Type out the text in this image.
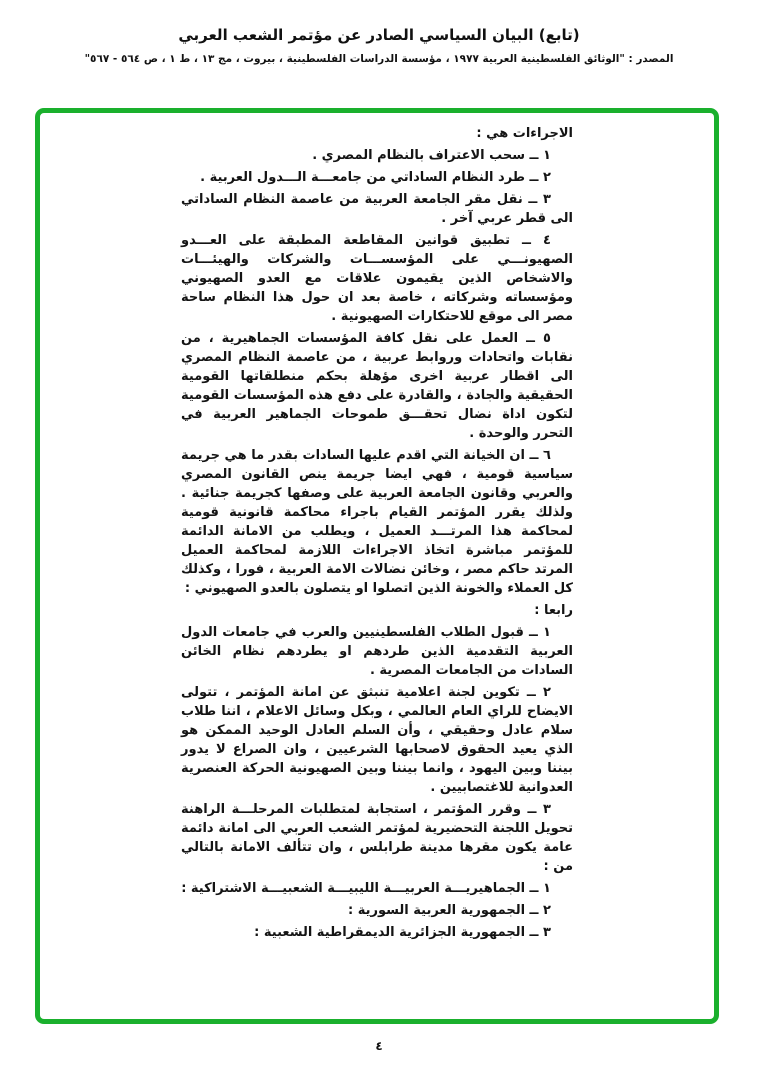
(تابع) البيان السياسي الصادر عن مؤتمر الشعب العربي
المصدر : "الوثائق الفلسطينية العربية ١٩٧٧ ، مؤسسة الدراسات الفلسطينية ، بيروت ، مج ١٣ ، ط ١ ، ص ٥٦٤ - ٥٦٧"

الاجراءات هي :

١ ــ سحب الاعتراف بالنظام المصري .

٢ ــ طرد النظام الساداتي من جامعـــة الـــدول العربية .

٣ ــ نقل مقر الجامعة العربية من عاصمة النظام الساداتي الى قطر عربي آخر .

٤ ــ تطبيق قوانين المقاطعة المطبقة على العـــدو الصهيونـــي على المؤسســـات والشركات والهيئـــات والاشخاص الذين يقيمون علاقات مع العدو الصهيوني ومؤسساته وشركاته ، خاصة بعد ان حول هذا النظام ساحة مصر الى موقع للاحتكارات الصهيونية .

٥ ــ العمل على نقل كافة المؤسسات الجماهيرية ، من نقابات واتحادات وروابط عربية ، من عاصمة النظام المصري الى اقطار عربية اخرى مؤهلة بحكم منطلقاتها القومية الحقيقية والجادة ، والقادرة على دفع هذه المؤسسات القومية لتكون اداة نضال تحقـــق طموحات الجماهير العربية في التحرر والوحدة .

٦ ــ ان الخيانة التي اقدم عليها السادات بقدر ما هي جريمة سياسية قومية ، فهي ايضا جريمة ينص القانون المصري والعربي وقانون الجامعة العربية على وصفها كجريمة جنائية . ولذلك يقرر المؤتمر القيام باجراء محاكمة قانونية قومية لمحاكمة هذا المرتـــد العميل ، ويطلب من الامانة الدائمة للمؤتمر مباشرة اتخاذ الاجراءات اللازمة لمحاكمة العميل المرتد حاكم مصر ، وخائن نضالات الامة العربية ، فورا ، وكذلك كل العملاء والخونة الذين اتصلوا او يتصلون بالعدو الصهيوني :

رابعا :

١ ــ قبول الطلاب الفلسطينيين والعرب في جامعات الدول العربية التقدمية الذين طردهم او يطردهم نظام الخائن السادات من الجامعات المصرية .

٢ ــ تكوين لجنة اعلامية تنبثق عن امانة المؤتمر ، تتولى الايضاح للراي العام العالمي ، وبكل وسائل الاعلام ، اننا طلاب سلام عادل وحقيقي ، وأن السلم العادل الوحيد الممكن هو الذي يعيد الحقوق لاصحابها الشرعيين ، وان الصراع لا يدور بيننا وبين اليهود ، وانما بيننا وبين الصهيونية الحركة العنصرية العدوانية للاغتصابيين .

٣ ــ وقرر المؤتمر ، استجابة لمتطلبات المرحلـــة الراهنة تحويل اللجنة التحضيرية لمؤتمر الشعب العربي الى امانة دائمة عامة يكون مقرها مدينة طرابلس ، وان تتألف الامانة بالتالي من :

١ ــ الجماهيريـــة العربيـــة الليبيـــة الشعبيـــة الاشتراكية :

٢ ــ الجمهورية العربية السورية :

٣ ــ الجمهورية الجزائرية الديمقراطية الشعبية :

٤
